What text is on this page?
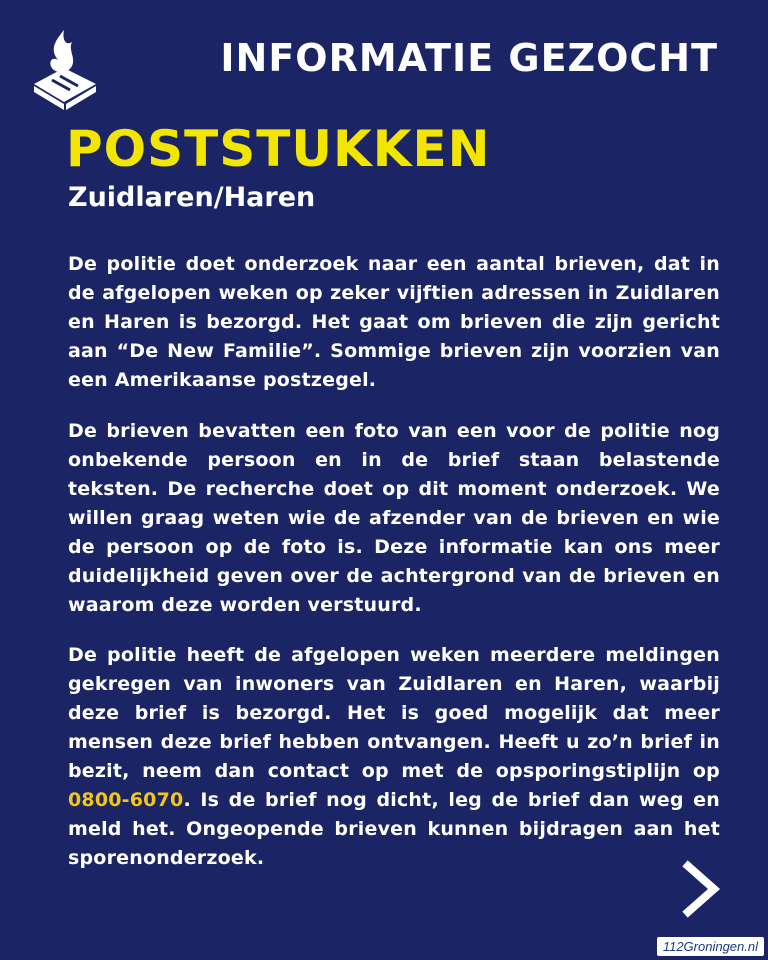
INFORMATIE GEZOCHT
POSTSTUKKEN
Zuidlaren/Haren
De politie doet onderzoek naar een aantal brieven, dat in de afgelopen weken op zeker vijftien adressen in Zuidlaren en Haren is bezorgd. Het gaat om brieven die zijn gericht aan “De New Familie”. Sommige brieven zijn voorzien van een Amerikaanse postzegel.
De brieven bevatten een foto van een voor de politie nog onbekende persoon en in de brief staan belastende teksten. De recherche doet op dit moment onderzoek. We willen graag weten wie de afzender van de brieven en wie de persoon op de foto is. Deze informatie kan ons meer duidelijkheid geven over de achtergrond van de brieven en waarom deze worden verstuurd.
De politie heeft de afgelopen weken meerdere meldingen gekregen van inwoners van Zuidlaren en Haren, waarbij deze brief is bezorgd. Het is goed mogelijk dat meer mensen deze brief hebben ontvangen. Heeft u zo’n brief in bezit, neem dan contact op met de opsporingstiplijn op 0800-6070. Is de brief nog dicht, leg de brief dan weg en meld het. Ongeopende brieven kunnen bijdragen aan het sporenonderzoek.
112Groningen.nl
